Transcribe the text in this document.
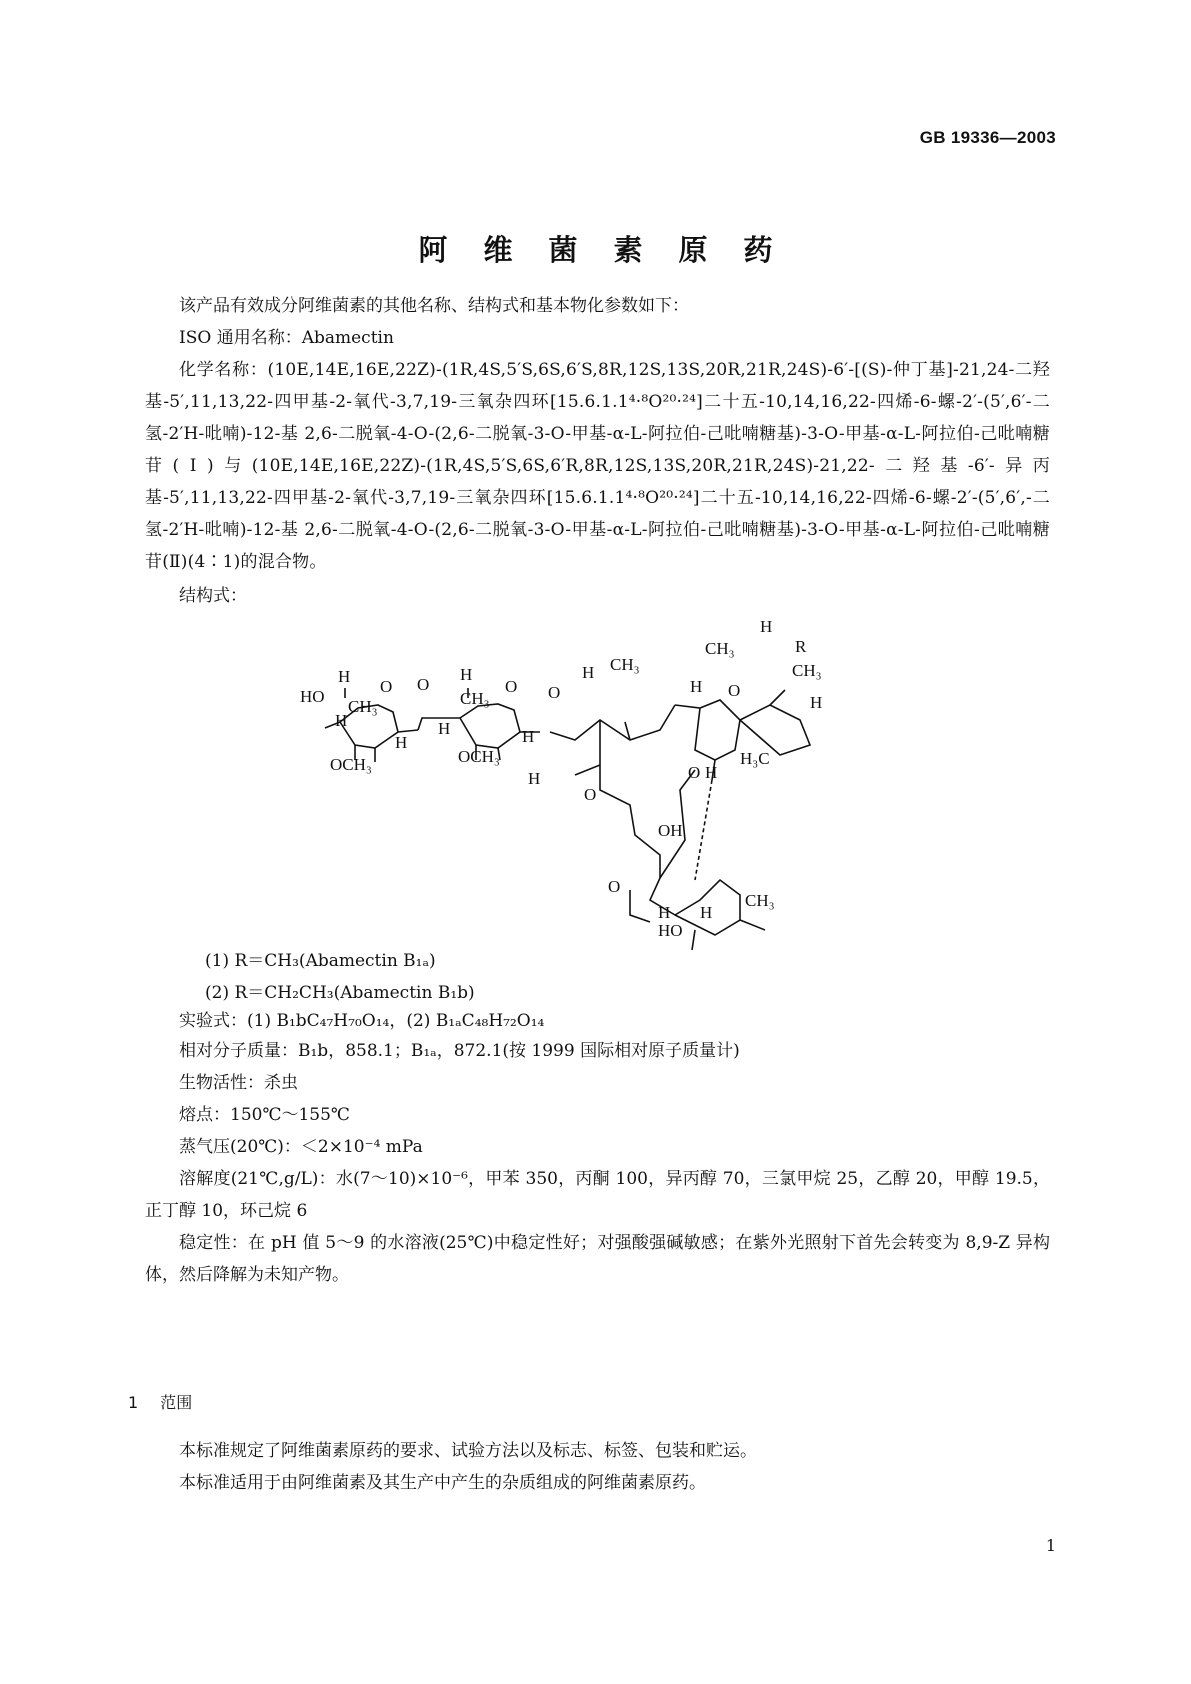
GB 19336—2003
阿维菌素原药
该产品有效成分阿维菌素的其他名称、结构式和基本物化参数如下：
ISO 通用名称：Abamectin
化学名称：(10E,14E,16E,22Z)-(1R,4S,5′S,6S,6′S,8R,12S,13S,20R,21R,24S)-6′-[(S)-仲丁基]-21,24-二羟基-5′,11,13,22-四甲基-2-氧代-3,7,19-三氧杂四环[15.6.1.1⁴·⁸O²⁰·²⁴]二十五-10,14,16,22-四烯-6-螺-2′-(5′,6′-二氢-2′H-吡喃)-12-基 2,6-二脱氧-4-O-(2,6-二脱氧-3-O-甲基-α-L-阿拉伯-己吡喃糖基)-3-O-甲基-α-L-阿拉伯-己吡喃糖苷(Ⅰ)与(10E,14E,16E,22Z)-(1R,4S,5′S,6S,6′R,8R,12S,13S,20R,21R,24S)-21,22-二羟基-6′-异丙基-5′,11,13,22-四甲基-2-氧代-3,7,19-三氧杂四环[15.6.1.1⁴·⁸O²⁰·²⁴]二十五-10,14,16,22-四烯-6-螺-2′-(5′,6′,-二氢-2′H-吡喃)-12-基 2,6-二脱氧-4-O-(2,6-二脱氧-3-O-甲基-α-L-阿拉伯-己吡喃糖基)-3-O-甲基-α-L-阿拉伯-己吡喃糖苷(Ⅱ)(4∶1)的混合物。
结构式：
H
O
HO
CH₃
H
H
OCH₃
O
H
O
CH₃
H	H
OCH₃
O
H CH₃
H O
H
CH₃	R
CH₃
H
H₃C
H
O
O H
OH
O
H H
HO
CH₃
(1) R＝CH₃(Abamectin B₁ₐ)
(2) R＝CH₂CH₃(Abamectin B₁b)
实验式：(1) B₁bC₄₇H₇₀O₁₄，(2) B₁ₐC₄₈H₇₂O₁₄
相对分子质量：B₁b，858.1；B₁ₐ，872.1(按 1999 国际相对原子质量计)
生物活性：杀虫
熔点：150℃～155℃
蒸气压(20℃)：＜2×10⁻⁴ mPa
溶解度(21℃,g/L)：水(7～10)×10⁻⁶，甲苯 350，丙酮 100，异丙醇 70，三氯甲烷 25，乙醇 20，甲醇 19.5，正丁醇 10，环己烷 6
稳定性：在 pH 值 5～9 的水溶液(25℃)中稳定性好；对强酸强碱敏感；在紫外光照射下首先会转变为 8,9-Z 异构体，然后降解为未知产物。
1 范围
本标准规定了阿维菌素原药的要求、试验方法以及标志、标签、包装和贮运。
本标准适用于由阿维菌素及其生产中产生的杂质组成的阿维菌素原药。
1
